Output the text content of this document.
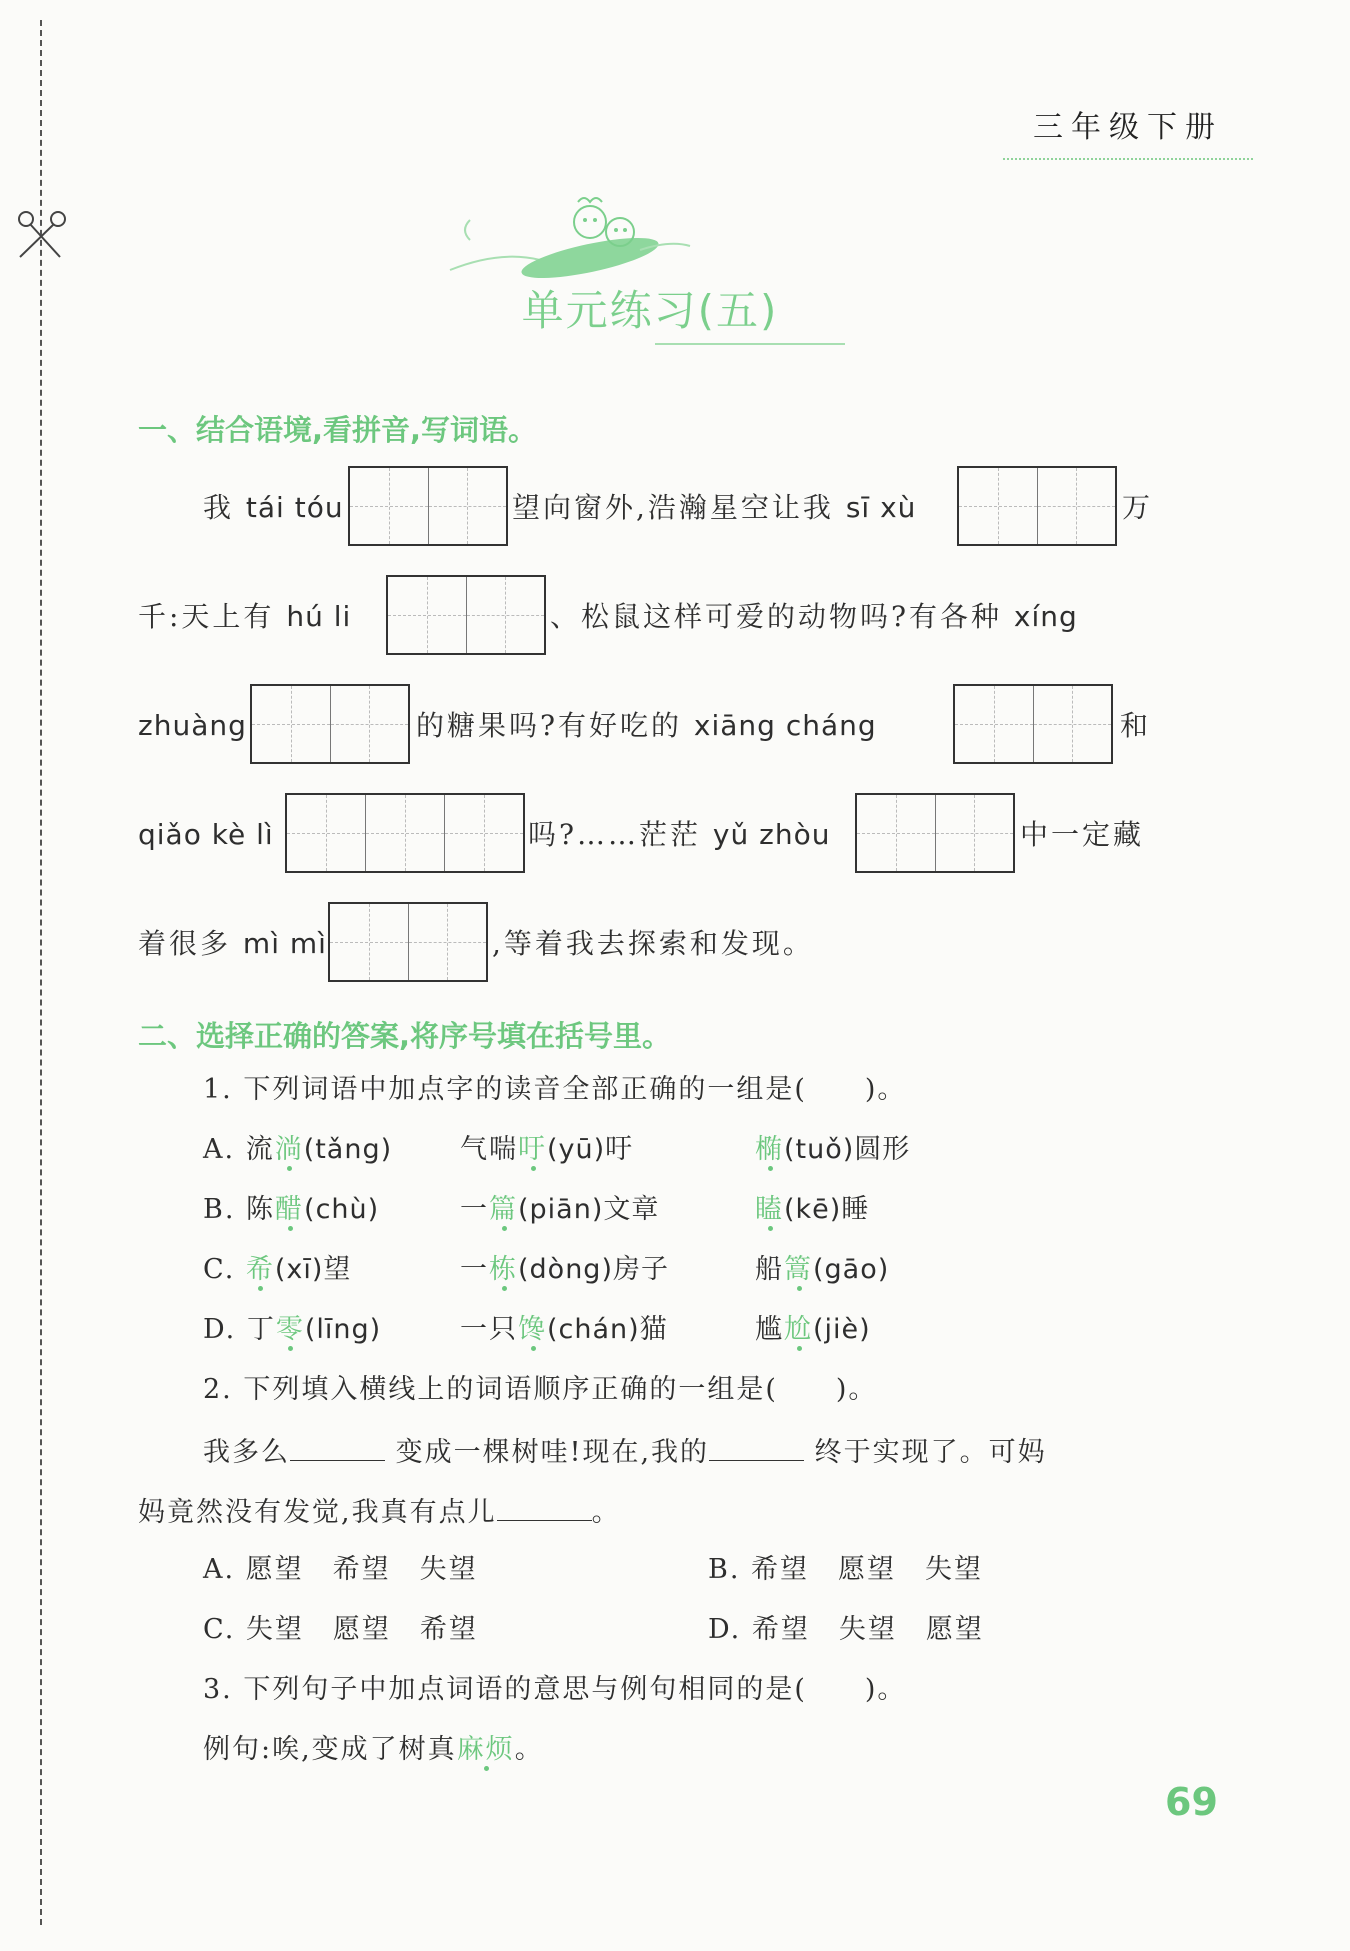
三年级下册
单元练习(五)
一、结合语境,看拼音,写词语。
我 tái tóu	望向窗外,浩瀚星空让我 sī xù	万
千:天上有 hú li	、松鼠这样可爱的动物吗?有各种 xíng
zhuàng	的糖果吗?有好吃的 xiāng cháng	和
qiǎo kè lì	吗?……茫茫 yǔ zhòu	中一定藏
着很多 mì mì	,等着我去探索和发现。
二、选择正确的答案,将序号填在括号里。
1. 下列词语中加点字的读音全部正确的一组是(　　)。
A. 流淌(tǎng)	气喘吁(yū)吁	椭(tuǒ)圆形
B. 陈醋(chù)	一篇(piān)文章	瞌(kē)睡
C. 希(xī)望	一栋(dòng)房子	船篙(gāo)
D. 丁零(līng)	一只馋(chán)猫	尴尬(jiè)
2. 下列填入横线上的词语顺序正确的一组是(　　)。
我多么	变成一棵树哇!现在,我的	终于实现了。可妈
妈竟然没有发觉,我真有点儿	。
A. 愿望　希望　失望	B. 希望　愿望　失望
C. 失望　愿望　希望	D. 希望　失望　愿望
3. 下列句子中加点词语的意思与例句相同的是(　　)。
例句:唉,变成了树真麻烦。
69
